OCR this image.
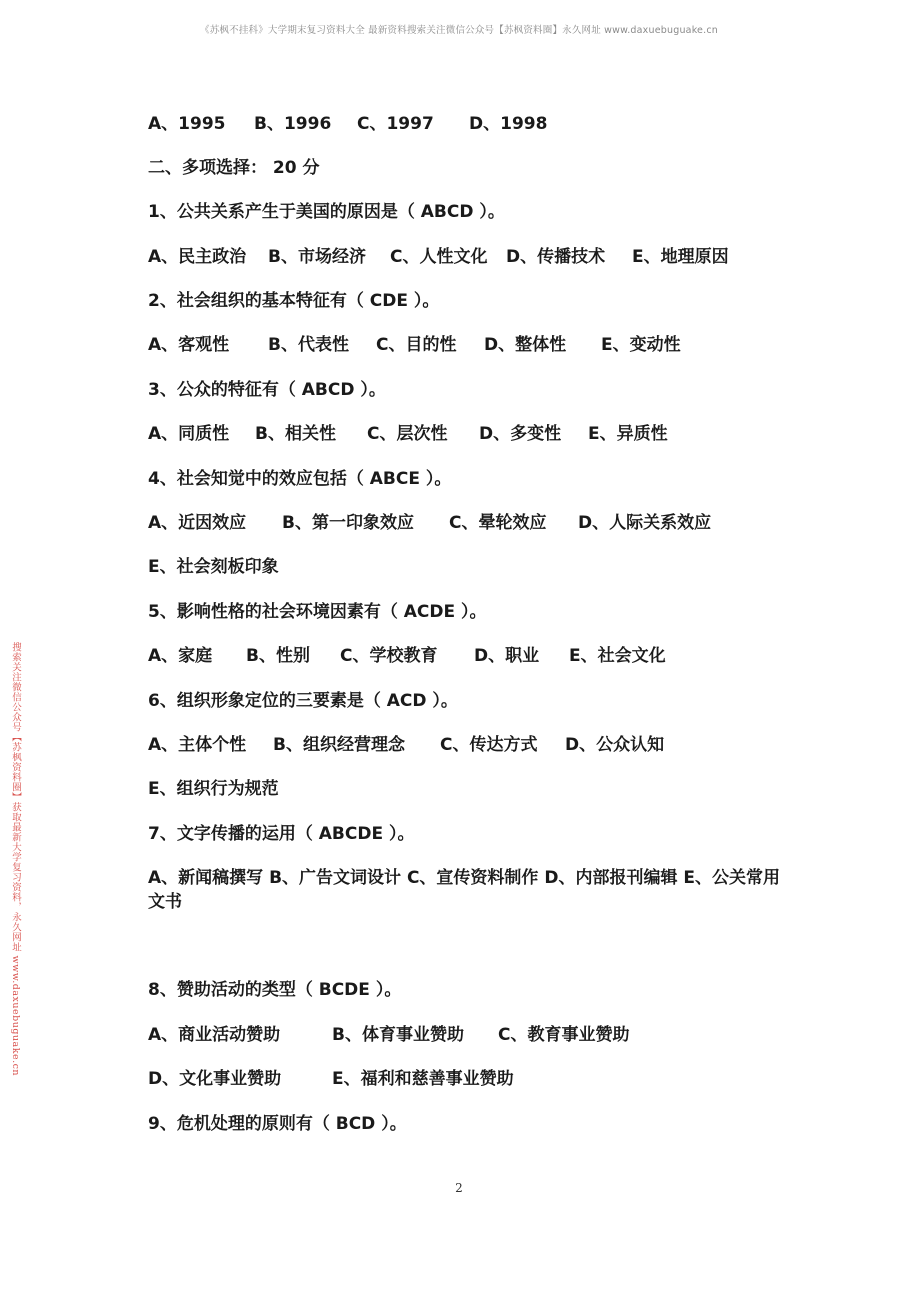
《苏枫不挂科》大学期末复习资料大全 最新资料搜索关注微信公众号【苏枫资料圈】永久网址 www.daxuebuguake.cn
搜索关注微信公众号【苏枫资料圈】获取最新大学复习资料，永久网址 www.daxuebuguake.cn
A、1995 B、1996 C、1997 D、1998
二、多项选择： 20 分
1、公共关系产生于美国的原因是（ ABCD ）。
A、民主政治 B、市场经济 C、人性文化 D、传播技术 E、地理原因
2、社会组织的基本特征有（ CDE ）。
A、客观性 B、代表性 C、目的性 D、整体性 E、变动性
3、公众的特征有（ ABCD ）。
A、同质性 B、相关性 C、层次性 D、多变性 E、异质性
4、社会知觉中的效应包括（ ABCE ）。
A、近因效应 B、第一印象效应 C、晕轮效应 D、人际关系效应
E、社会刻板印象
5、影响性格的社会环境因素有（ ACDE ）。
A、家庭 B、性别 C、学校教育 D、职业 E、社会文化
6、组织形象定位的三要素是（ ACD ）。
A、主体个性 B、组织经营理念 C、传达方式 D、公众认知
E、组织行为规范
7、文字传播的运用（ ABCDE ）。
A、新闻稿撰写 B、广告文词设计 C、宣传资料制作 D、内部报刊编辑 E、公关常用文书
8、赞助活动的类型（ BCDE ）。
A、商业活动赞助	B、体育事业赞助 C、教育事业赞助
D、文化事业赞助	E、福利和慈善事业赞助
9、危机处理的原则有（ BCD ）。
2
